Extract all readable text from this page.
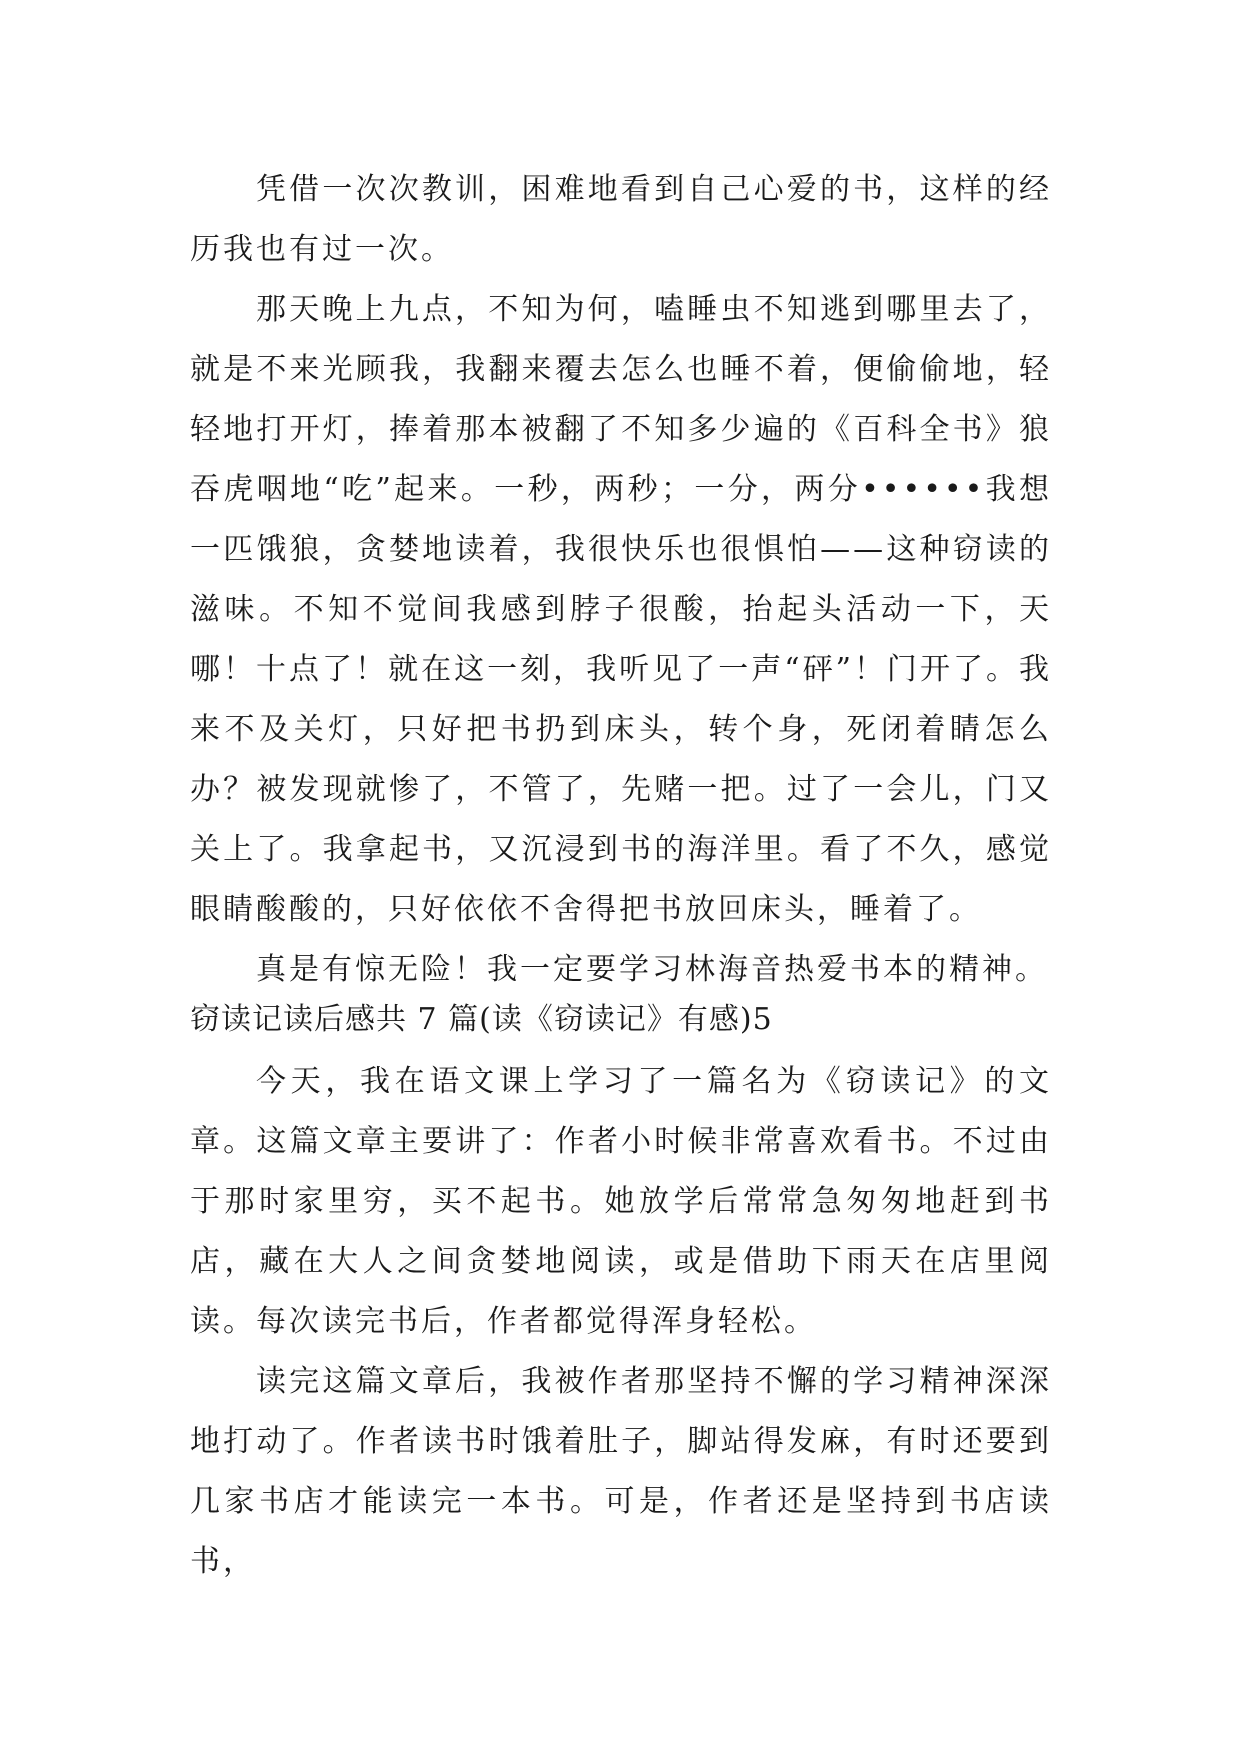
凭借一次次教训，困难地看到自己心爱的书，这样的经历我也有过一次。

那天晚上九点，不知为何，嗑睡虫不知逃到哪里去了，就是不来光顾我，我翻来覆去怎么也睡不着，便偷偷地，轻轻地打开灯，捧着那本被翻了不知多少遍的《百科全书》狼吞虎咽地“吃”起来。一秒，两秒；一分，两分••••••我想一匹饿狼，贪婪地读着，我很快乐也很惧怕——这种窃读的滋味。不知不觉间我感到脖子很酸，抬起头活动一下，天哪！十点了！就在这一刻，我听见了一声“砰”！门开了。我来不及关灯，只好把书扔到床头，转个身，死闭着睛怎么办？被发现就惨了，不管了，先赌一把。过了一会儿，门又关上了。我拿起书，又沉浸到书的海洋里。看了不久，感觉眼睛酸酸的，只好依依不舍得把书放回床头，睡着了。

真是有惊无险！我一定要学习林海音热爱书本的精神。

窃读记读后感共 7 篇(读《窃读记》有感)5

今天，我在语文课上学习了一篇名为《窃读记》的文章。这篇文章主要讲了：作者小时候非常喜欢看书。不过由于那时家里穷，买不起书。她放学后常常急匆匆地赶到书店，藏在大人之间贪婪地阅读，或是借助下雨天在店里阅读。每次读完书后，作者都觉得浑身轻松。

读完这篇文章后，我被作者那坚持不懈的学习精神深深地打动了。作者读书时饿着肚子，脚站得发麻，有时还要到几家书店才能读完一本书。可是，作者还是坚持到书店读书，
